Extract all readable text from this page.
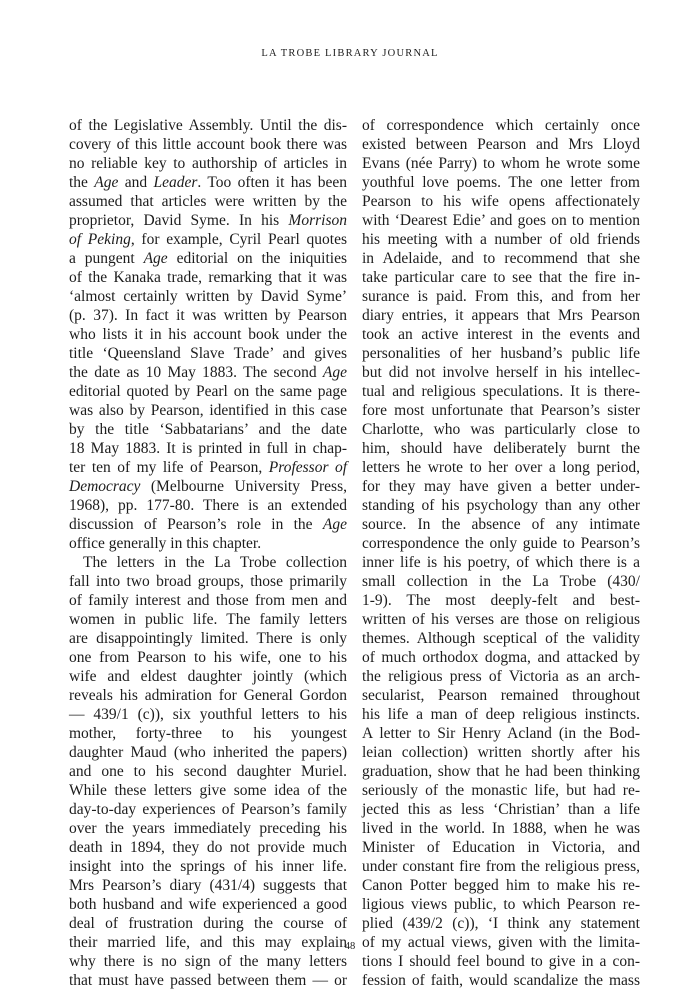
LA TROBE LIBRARY JOURNAL
of the Legislative Assembly. Until the dis-
covery of this little account book there was
no reliable key to authorship of articles in
the Age and Leader. Too often it has been
assumed that articles were written by the
proprietor, David Syme. In his Morrison
of Peking, for example, Cyril Pearl quotes
a pungent Age editorial on the iniquities
of the Kanaka trade, remarking that it was
‘almost certainly written by David Syme’
(p. 37). In fact it was written by Pearson
who lists it in his account book under the
title ‘Queensland Slave Trade’ and gives
the date as 10 May 1883. The second Age
editorial quoted by Pearl on the same page
was also by Pearson, identified in this case
by the title ‘Sabbatarians’ and the date
18 May 1883. It is printed in full in chap-
ter ten of my life of Pearson, Professor of
Democracy (Melbourne University Press,
1968), pp. 177-80. There is an extended
discussion of Pearson’s role in the Age
office generally in this chapter.
The letters in the La Trobe collection
fall into two broad groups, those primarily
of family interest and those from men and
women in public life. The family letters
are disappointingly limited. There is only
one from Pearson to his wife, one to his
wife and eldest daughter jointly (which
reveals his admiration for General Gordon
— 439/1 (c)), six youthful letters to his
mother, forty-three to his youngest
daughter Maud (who inherited the papers)
and one to his second daughter Muriel.
While these letters give some idea of the
day-to-day experiences of Pearson’s family
over the years immediately preceding his
death in 1894, they do not provide much
insight into the springs of his inner life.
Mrs Pearson’s diary (431/4) suggests that
both husband and wife experienced a good
deal of frustration during the course of
their married life, and this may explain
why there is no sign of the many letters
that must have passed between them — or
of correspondence which certainly once
existed between Pearson and Mrs Lloyd
Evans (née Parry) to whom he wrote some
youthful love poems. The one letter from
Pearson to his wife opens affectionately
with ‘Dearest Edie’ and goes on to mention
his meeting with a number of old friends
in Adelaide, and to recommend that she
take particular care to see that the fire in-
surance is paid. From this, and from her
diary entries, it appears that Mrs Pearson
took an active interest in the events and
personalities of her husband’s public life
but did not involve herself in his intellec-
tual and religious speculations. It is there-
fore most unfortunate that Pearson’s sister
Charlotte, who was particularly close to
him, should have deliberately burnt the
letters he wrote to her over a long period,
for they may have given a better under-
standing of his psychology than any other
source. In the absence of any intimate
correspondence the only guide to Pearson’s
inner life is his poetry, of which there is a
small collection in the La Trobe (430/
1-9). The most deeply-felt and best-
written of his verses are those on religious
themes. Although sceptical of the validity
of much orthodox dogma, and attacked by
the religious press of Victoria as an arch-
secularist, Pearson remained throughout
his life a man of deep religious instincts.
A letter to Sir Henry Acland (in the Bod-
leian collection) written shortly after his
graduation, show that he had been thinking
seriously of the monastic life, but had re-
jected this as less ‘Christian’ than a life
lived in the world. In 1888, when he was
Minister of Education in Victoria, and
under constant fire from the religious press,
Canon Potter begged him to make his re-
ligious views public, to which Pearson re-
plied (439/2 (c)), ‘I think any statement
of my actual views, given with the limita-
tions I should feel bound to give in a con-
fession of faith, would scandalize the mass
48
